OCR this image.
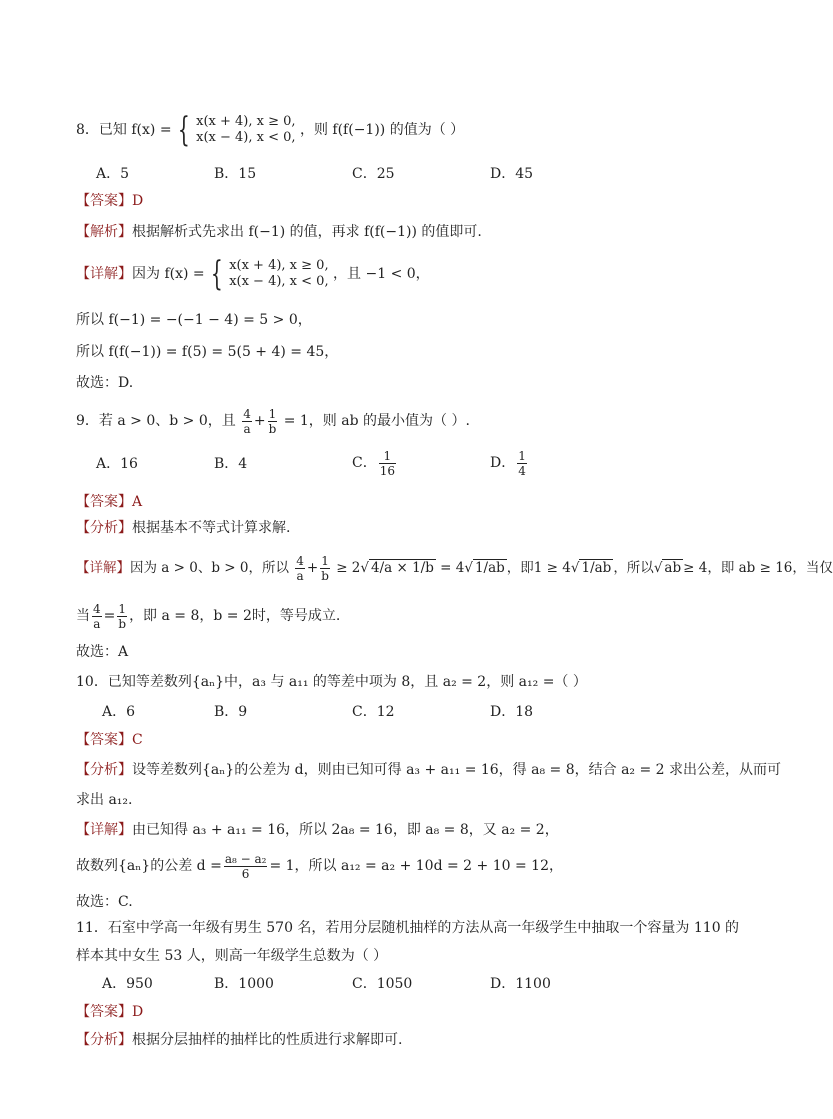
8．已知 f(x) = { x(x + 4), x ≥ 0,
x(x − 4), x < 0, ，则 f(f(−1)) 的值为（ ）
A．5	B．15	C．25	D．45
【答案】D
【解析】根据解析式先求出 f(−1) 的值，再求 f(f(−1)) 的值即可.
【详解】因为 f(x) = { x(x + 4), x ≥ 0,
x(x − 4), x < 0, ，且 −1 < 0，
所以 f(−1) = −(−1 − 4) = 5 > 0，
所以 f(f(−1)) = f(5) = 5(5 + 4) = 45，
故选：D.
9．若 a > 0、b > 0，且 $\frac{4}{a} + \frac{1}{b} = 1$，则 ab 的最小值为（ ）.
A．16	B．4	C． $\frac{1}{16}$	D． $\frac{1}{4}$
【答案】A
【分析】根据基本不等式计算求解.
【详解】因为 a > 0、b > 0，所以 $\frac{4}{a} + \frac{1}{b} \ge 2√$ 4/a × 1/b = 4√ 1/ab ，即1 ≥ 4√ 1/ab ，所以√ ab ≥ 4，即 ab ≥ 16，当仅
当 $\frac{4}{a} = \frac{1}{b}$ ，即 a = 8，b = 2时，等号成立.
故选：A
10．已知等差数列{aₙ}中，a₃ 与 a₁₁ 的等差中项为 8，且 a₂ = 2，则 a₁₂ =（ ）
A．6	B．9	C．12	D．18
【答案】C
【分析】设等差数列{aₙ}的公差为 d，则由已知可得 a₃ + a₁₁ = 16，得 a₈ = 8，结合 a₂ = 2 求出公差，从而可
求出 a₁₂.
【详解】由已知得 a₃ + a₁₁ = 16，所以 2a₈ = 16，即 a₈ = 8，又 a₂ = 2，
故数列{aₙ}的公差 $d = \frac{\text{a₈ − a₂}}{6} = 1$，所以 a₁₂ = a₂ + 10d = 2 + 10 = 12，
故选：C.
11．石室中学高一年级有男生 570 名，若用分层随机抽样的方法从高一年级学生中抽取一个容量为 110 的
样本其中女生 53 人，则高一年级学生总数为（ ）
A．950	B．1000	C．1050	D．1100
【答案】D
【分析】根据分层抽样的抽样比的性质进行求解即可.
